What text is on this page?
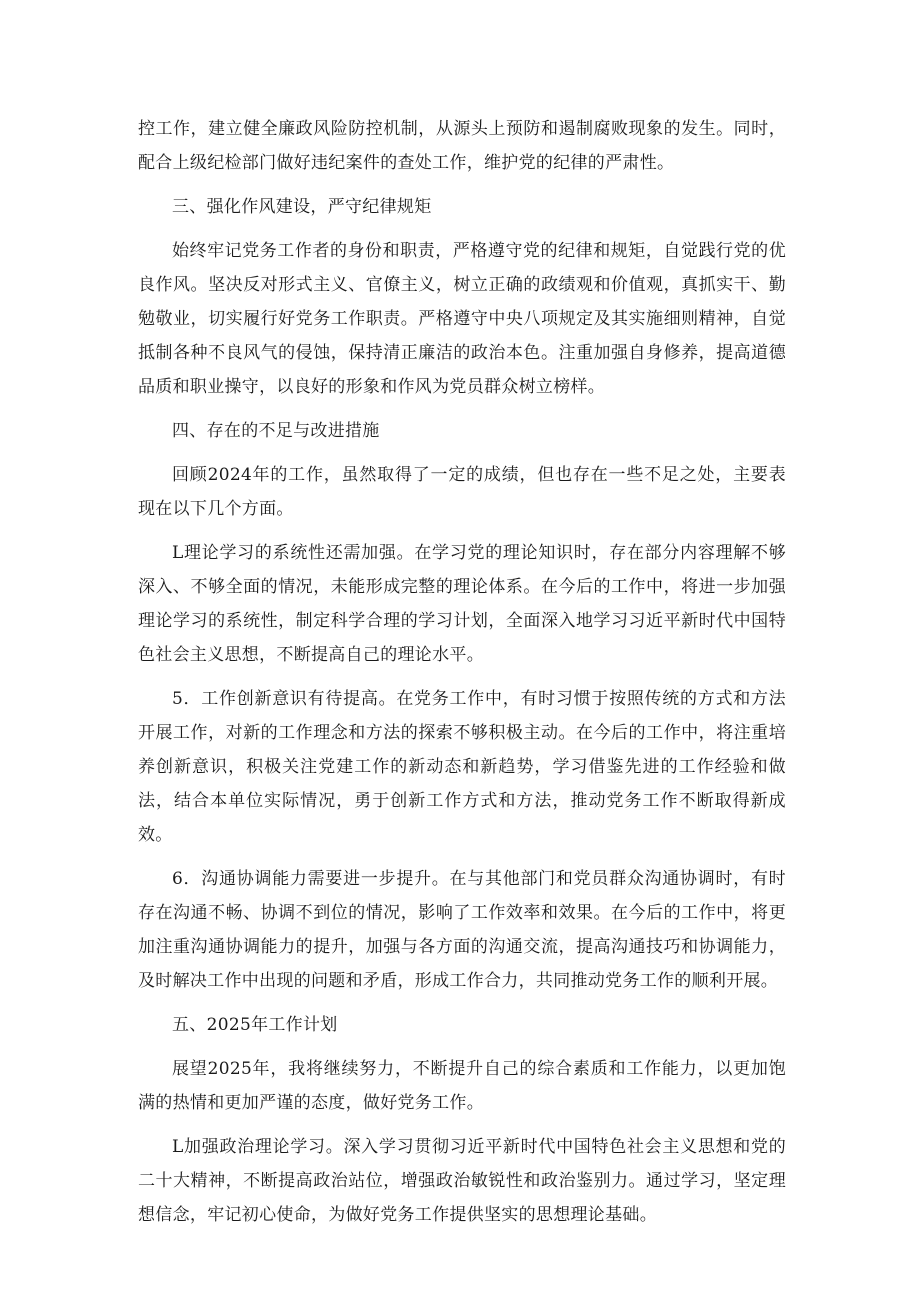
控工作，建立健全廉政风险防控机制，从源头上预防和遏制腐败现象的发生。同时，配合上级纪检部门做好违纪案件的查处工作，维护党的纪律的严肃性。

三、强化作风建设，严守纪律规矩

始终牢记党务工作者的身份和职责，严格遵守党的纪律和规矩，自觉践行党的优良作风。坚决反对形式主义、官僚主义，树立正确的政绩观和价值观，真抓实干、勤勉敬业，切实履行好党务工作职责。严格遵守中央八项规定及其实施细则精神，自觉抵制各种不良风气的侵蚀，保持清正廉洁的政治本色。注重加强自身修养，提高道德品质和职业操守，以良好的形象和作风为党员群众树立榜样。

四、存在的不足与改进措施

回顾2024年的工作，虽然取得了一定的成绩，但也存在一些不足之处，主要表现在以下几个方面。

L理论学习的系统性还需加强。在学习党的理论知识时，存在部分内容理解不够深入、不够全面的情况，未能形成完整的理论体系。在今后的工作中，将进一步加强理论学习的系统性，制定科学合理的学习计划，全面深入地学习习近平新时代中国特色社会主义思想，不断提高自己的理论水平。

5．工作创新意识有待提高。在党务工作中，有时习惯于按照传统的方式和方法开展工作，对新的工作理念和方法的探索不够积极主动。在今后的工作中，将注重培养创新意识，积极关注党建工作的新动态和新趋势，学习借鉴先进的工作经验和做法，结合本单位实际情况，勇于创新工作方式和方法，推动党务工作不断取得新成效。

6．沟通协调能力需要进一步提升。在与其他部门和党员群众沟通协调时，有时存在沟通不畅、协调不到位的情况，影响了工作效率和效果。在今后的工作中，将更加注重沟通协调能力的提升，加强与各方面的沟通交流，提高沟通技巧和协调能力，及时解决工作中出现的问题和矛盾，形成工作合力，共同推动党务工作的顺利开展。

五、2025年工作计划

展望2025年，我将继续努力，不断提升自己的综合素质和工作能力，以更加饱满的热情和更加严谨的态度，做好党务工作。

L加强政治理论学习。深入学习贯彻习近平新时代中国特色社会主义思想和党的二十大精神，不断提高政治站位，增强政治敏锐性和政治鉴别力。通过学习，坚定理想信念，牢记初心使命，为做好党务工作提供坚实的思想理论基础。
